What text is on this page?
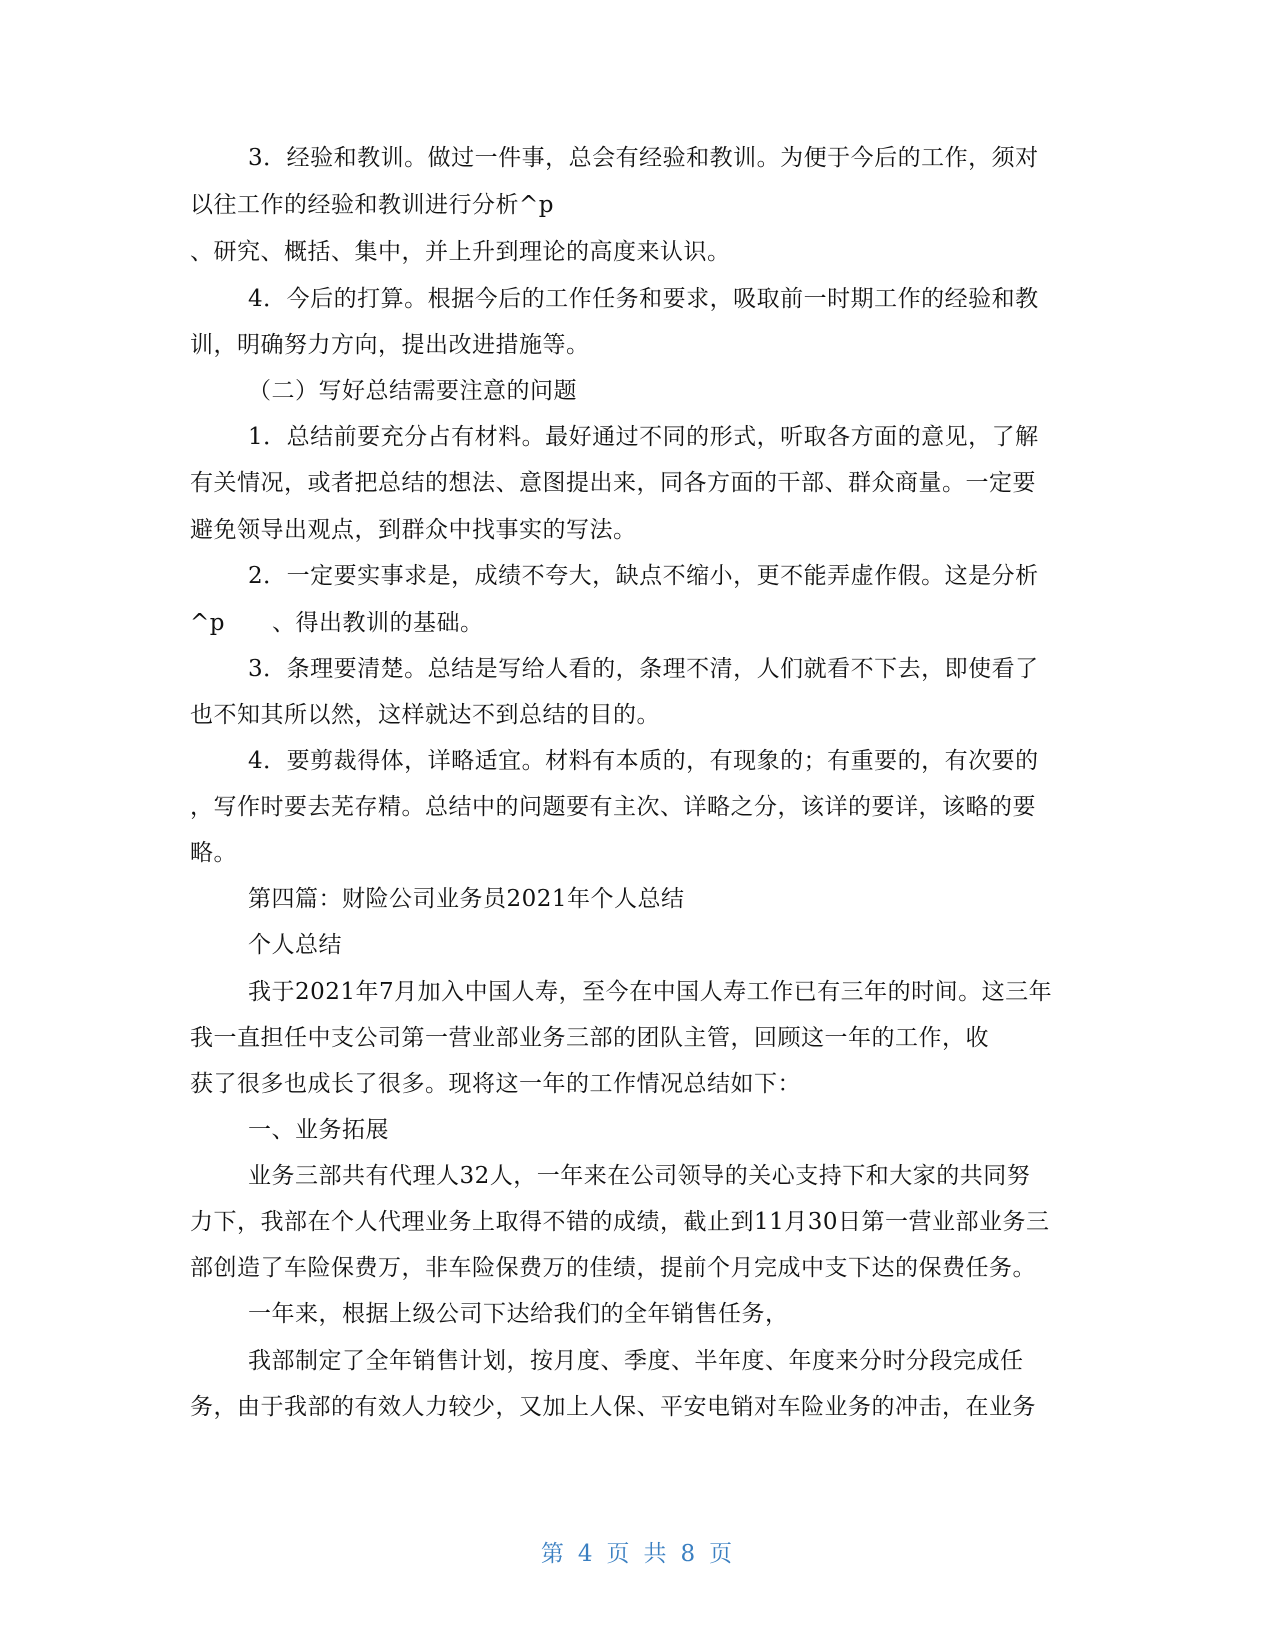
3．经验和教训。做过一件事，总会有经验和教训。为便于今后的工作，须对
以往工作的经验和教训进行分析^p
、研究、概括、集中，并上升到理论的高度来认识。
4．今后的打算。根据今后的工作任务和要求，吸取前一时期工作的经验和教
训，明确努力方向，提出改进措施等。
（二）写好总结需要注意的问题
1．总结前要充分占有材料。最好通过不同的形式，听取各方面的意见，了解
有关情况，或者把总结的想法、意图提出来，同各方面的干部、群众商量。一定要
避免领导出观点，到群众中找事实的写法。
2．一定要实事求是，成绩不夸大，缺点不缩小，更不能弄虚作假。这是分析
^p　　、得出教训的基础。
3．条理要清楚。总结是写给人看的，条理不清，人们就看不下去，即使看了
也不知其所以然，这样就达不到总结的目的。
4．要剪裁得体，详略适宜。材料有本质的，有现象的；有重要的，有次要的
，写作时要去芜存精。总结中的问题要有主次、详略之分，该详的要详，该略的要
略。
第四篇：财险公司业务员2021年个人总结
个人总结
我于2021年7月加入中国人寿，至今在中国人寿工作已有三年的时间。这三年
我一直担任中支公司第一营业部业务三部的团队主管，回顾这一年的工作，收
获了很多也成长了很多。现将这一年的工作情况总结如下：
一、业务拓展
业务三部共有代理人32人，一年来在公司领导的关心支持下和大家的共同努
力下，我部在个人代理业务上取得不错的成绩，截止到11月30日第一营业部业务三
部创造了车险保费万，非车险保费万的佳绩，提前个月完成中支下达的保费任务。
一年来，根据上级公司下达给我们的全年销售任务，
我部制定了全年销售计划，按月度、季度、半年度、年度来分时分段完成任
务，由于我部的有效人力较少，又加上人保、平安电销对车险业务的冲击，在业务
第 4 页 共 8 页
